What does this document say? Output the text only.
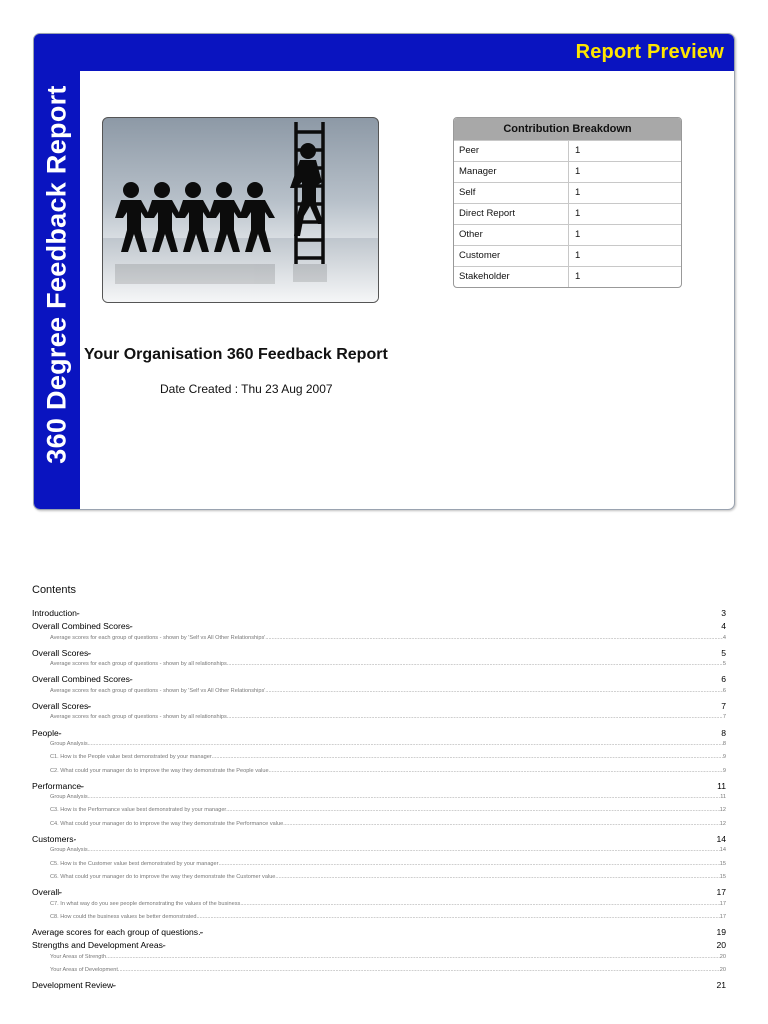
Report Preview
360 Degree Feedback Report	Contribution Breakdown
Peer	1
Manager	1
Self	1
Direct Report	1
Other	1
Customer	1
Stakeholder	1
Your Organisation 360 Feedback Report
Date Created : Thu 23 Aug 2007
Contents
Introduction - - -	3
Overall Combined Scores - - -	4
Average scores for each group of questions - shown by 'Self vs All Other Relationships' .....	4
Overall Scores - - -	5
Average scores for each group of questions - shown by all relationships .....	5
Overall Combined Scores - - -	6
Average scores for each group of questions - shown by 'Self vs All Other Relationships' .....	6
Overall Scores - - -	7
Average scores for each group of questions - shown by all relationships .....	7
People - - -	8
Group Analysis .....	8
C1. How is the People value best demonstrated by your manager .....	9
C2. What could your manager do to improve the way they demonstrate the People value .....	9
Performance - - -	11
Group Analysis .....	11
C3. How is the Performance value best demonstrated by your manager .....	12
C4. What could your manager do to improve the way they demonstrate the Performance value .....	12
Customers - - -	14
Group Analysis .....	14
C5. How is the Customer value best demonstrated by your manager .....	15
C6. What could your manager do to improve the way they demonstrate the Customer value .....	15
Overall - - -	17
C7. In what way do you see people demonstrating the values of the business .....	17
C8. How could the business values be better demonstrated .....	17
Average scores for each group of questions. - - -	19
Strengths and Development Areas - - -	20
Your Areas of Strength .....	20
Your Areas of Development .....	20
Development Review - - -	21
